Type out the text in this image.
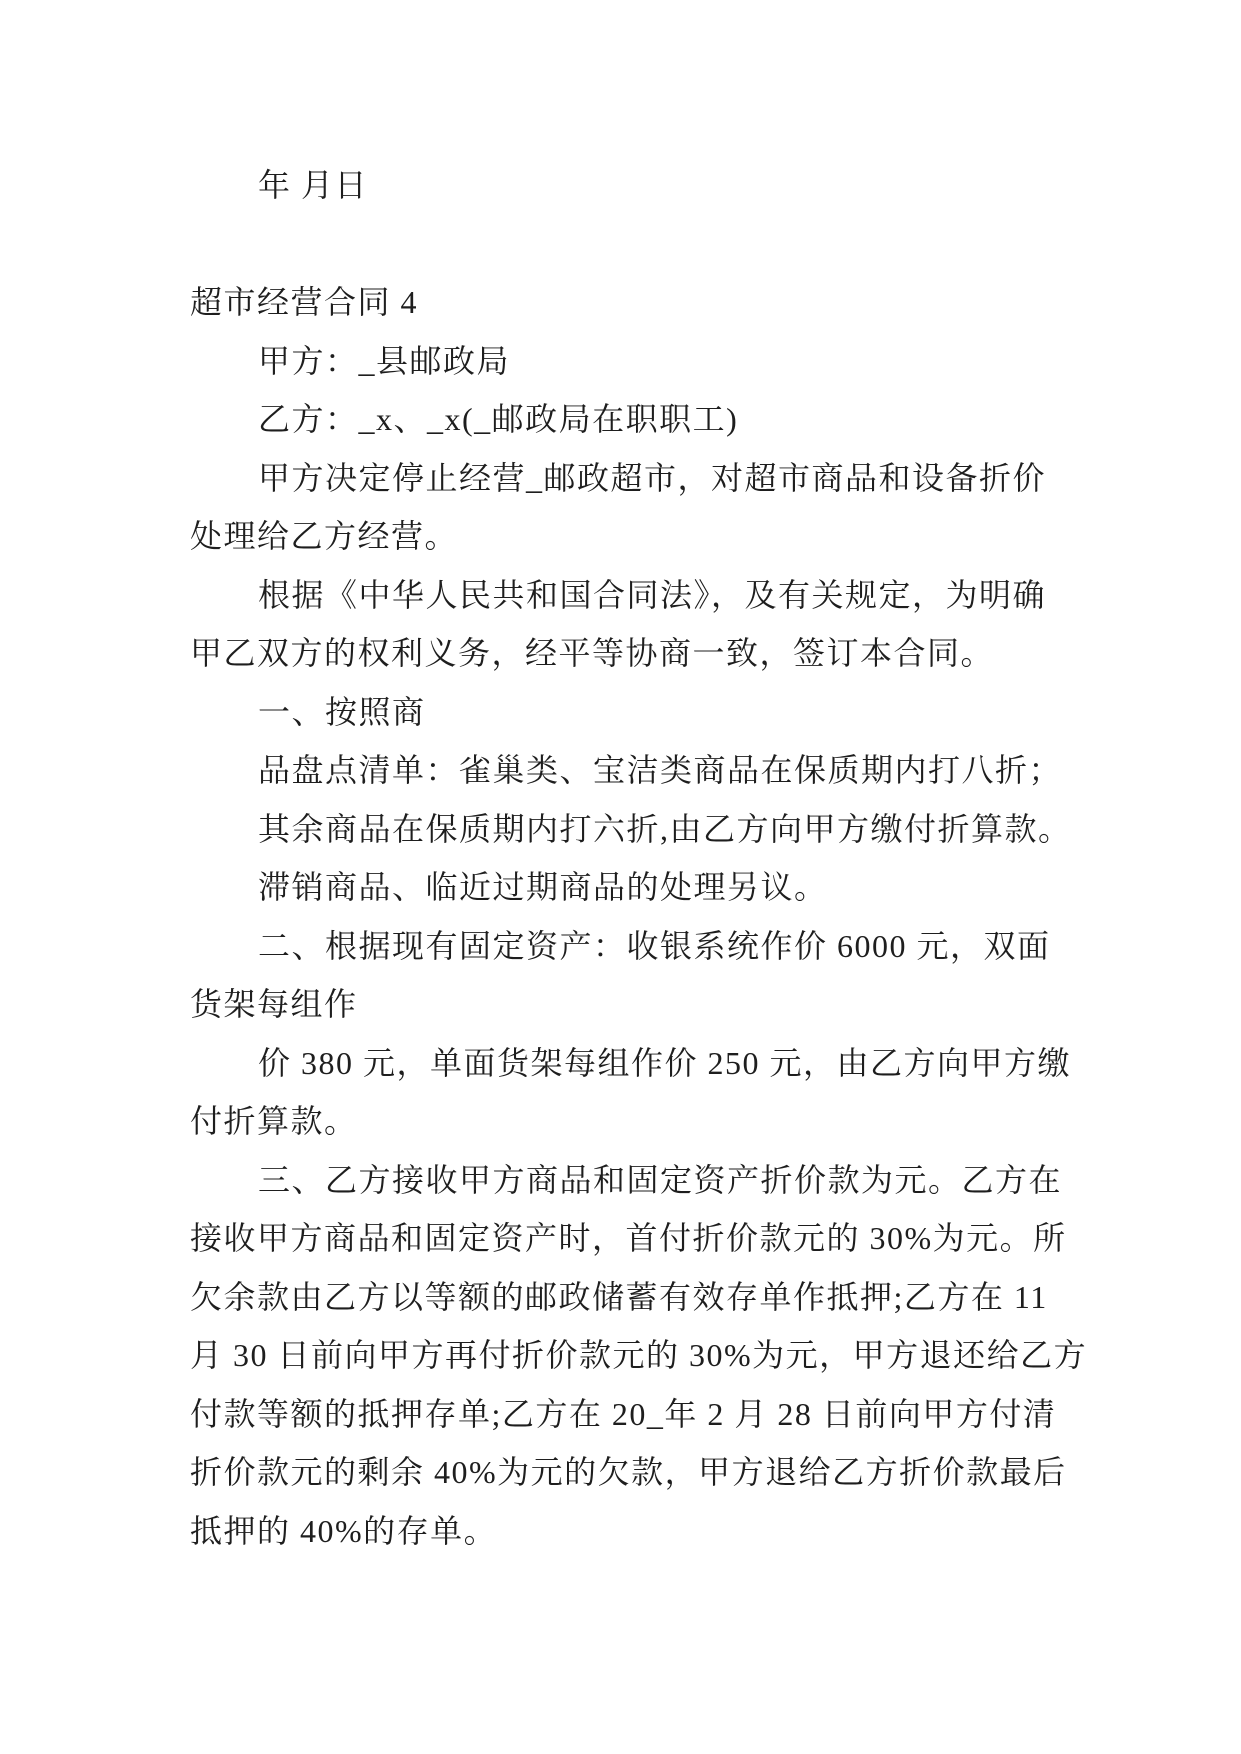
年 月日
超市经营合同 4
甲方：_县邮政局
乙方：_x、_x(_邮政局在职职工)
甲方决定停止经营_邮政超市，对超市商品和设备折价
处理给乙方经营。
根据《中华人民共和国合同法》，及有关规定，为明确
甲乙双方的权利义务，经平等协商一致，签订本合同。
一、按照商
品盘点清单：雀巢类、宝洁类商品在保质期内打八折；
其余商品在保质期内打六折,由乙方向甲方缴付折算款。
滞销商品、临近过期商品的处理另议。
二、根据现有固定资产：收银系统作价 6000 元，双面
货架每组作
价 380 元，单面货架每组作价 250 元，由乙方向甲方缴
付折算款。
三、乙方接收甲方商品和固定资产折价款为元。乙方在
接收甲方商品和固定资产时，首付折价款元的 30%为元。所
欠余款由乙方以等额的邮政储蓄有效存单作抵押;乙方在 11
月 30 日前向甲方再付折价款元的 30%为元，甲方退还给乙方
付款等额的抵押存单;乙方在 20_年 2 月 28 日前向甲方付清
折价款元的剩余 40%为元的欠款，甲方退给乙方折价款最后
抵押的 40%的存单。
